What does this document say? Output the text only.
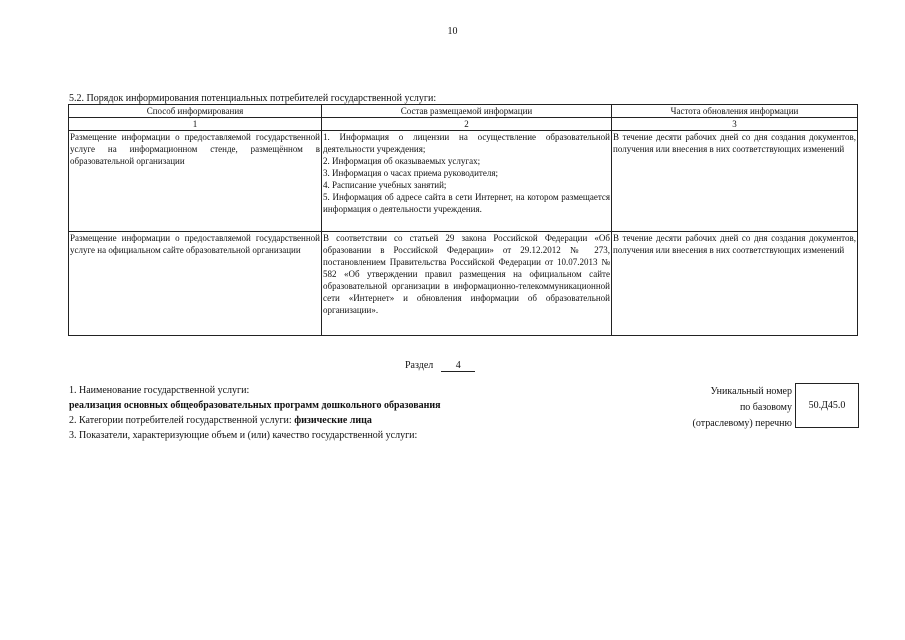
10
5.2. Порядок информирования потенциальных потребителей государственной услуги:
Способ информирования	Состав размещаемой информации	Частота обновления информации
1	2	3
Размещение информации о предоставляемой государственной услуге на информационном стенде, размещённом в образовательной организации	1. Информация о лицензии на осуществление образовательной деятельности учреждения;
2. Информация об оказываемых услугах;
3. Информация о часах приема руководителя;
4. Расписание учебных занятий;
5. Информация об адресе сайта в сети Интернет, на котором размещается информация о деятельности учреждения.	В течение десяти рабочих дней со дня создания документов, получения или внесения в них соответствующих изменений
Размещение информации о предоставляемой государственной услуге на официальном сайте образовательной организации	В соответствии со статьей 29 закона Российской Федерации «Об образовании в Российской Федерации» от 29.12.2012 № 273, постановлением Правительства Российской Федерации от 10.07.2013 № 582 «Об утверждении правил размещения на официальном сайте образовательной организации в информационно-телекоммуникационной сети «Интернет» и обновления информации об образовательной организации».	В течение десяти рабочих дней со дня создания документов, получения или внесения в них соответствующих изменений
Раздел 4
1. Наименование государственной услуги:
реализация основных общеобразовательных программ дошкольного образования
2. Категории потребителей государственной услуги: физические лица
3. Показатели, характеризующие объем и (или) качество государственной услуги:
Уникальный номер
по базовому
(отраслевому) перечню
50.Д45.0
